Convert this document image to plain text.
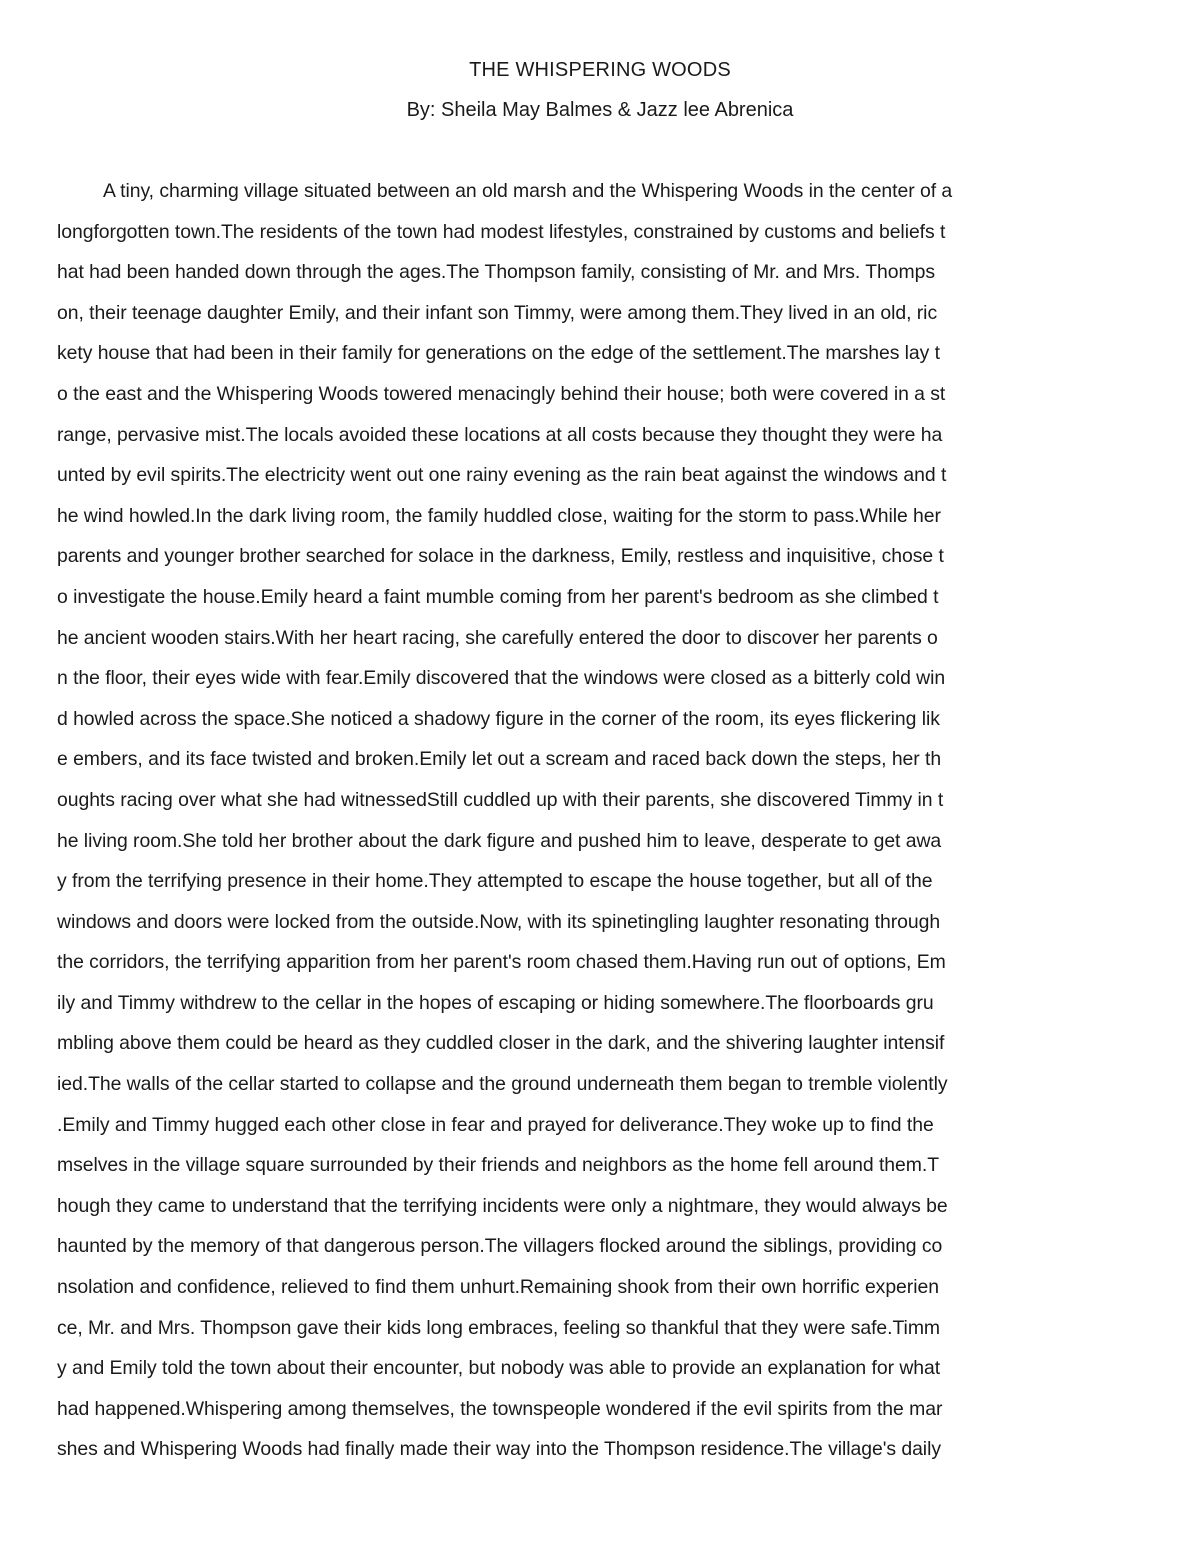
THE WHISPERING WOODS

By: Sheila May Balmes & Jazz lee Abrenica

A tiny, charming village situated between an old marsh and the Whispering Woods in the center of a
longforgotten town.The residents of the town had modest lifestyles, constrained by customs and beliefs t
hat had been handed down through the ages.The Thompson family, consisting of Mr. and Mrs. Thomps
on, their teenage daughter Emily, and their infant son Timmy, were among them.They lived in an old, ric
kety house that had been in their family for generations on the edge of the settlement.The marshes lay t
o the east and the Whispering Woods towered menacingly behind their house; both were covered in a st
range, pervasive mist.The locals avoided these locations at all costs because they thought they were ha
unted by evil spirits.The electricity went out one rainy evening as the rain beat against the windows and t
he wind howled.In the dark living room, the family huddled close, waiting for the storm to pass.While her
parents and younger brother searched for solace in the darkness, Emily, restless and inquisitive, chose t
o investigate the house.Emily heard a faint mumble coming from her parent's bedroom as she climbed t
he ancient wooden stairs.With her heart racing, she carefully entered the door to discover her parents o
n the floor, their eyes wide with fear.Emily discovered that the windows were closed as a bitterly cold win
d howled across the space.She noticed a shadowy figure in the corner of the room, its eyes flickering lik
e embers, and its face twisted and broken.Emily let out a scream and raced back down the steps, her th
oughts racing over what she had witnessedStill cuddled up with their parents, she discovered Timmy in t
he living room.She told her brother about the dark figure and pushed him to leave, desperate to get awa
y from the terrifying presence in their home.They attempted to escape the house together, but all of the
windows and doors were locked from the outside.Now, with its spinetingling laughter resonating through
the corridors, the terrifying apparition from her parent's room chased them.Having run out of options, Em
ily and Timmy withdrew to the cellar in the hopes of escaping or hiding somewhere.The floorboards gru
mbling above them could be heard as they cuddled closer in the dark, and the shivering laughter intensif
ied.The walls of the cellar started to collapse and the ground underneath them began to tremble violently
.Emily and Timmy hugged each other close in fear and prayed for deliverance.They woke up to find the
mselves in the village square surrounded by their friends and neighbors as the home fell around them.T
hough they came to understand that the terrifying incidents were only a nightmare, they would always be
haunted by the memory of that dangerous person.The villagers flocked around the siblings, providing co
nsolation and confidence, relieved to find them unhurt.Remaining shook from their own horrific experien
ce, Mr. and Mrs. Thompson gave their kids long embraces, feeling so thankful that they were safe.Timm
y and Emily told the town about their encounter, but nobody was able to provide an explanation for what
had happened.Whispering among themselves, the townspeople wondered if the evil spirits from the mar
shes and Whispering Woods had finally made their way into the Thompson residence.The village's daily
